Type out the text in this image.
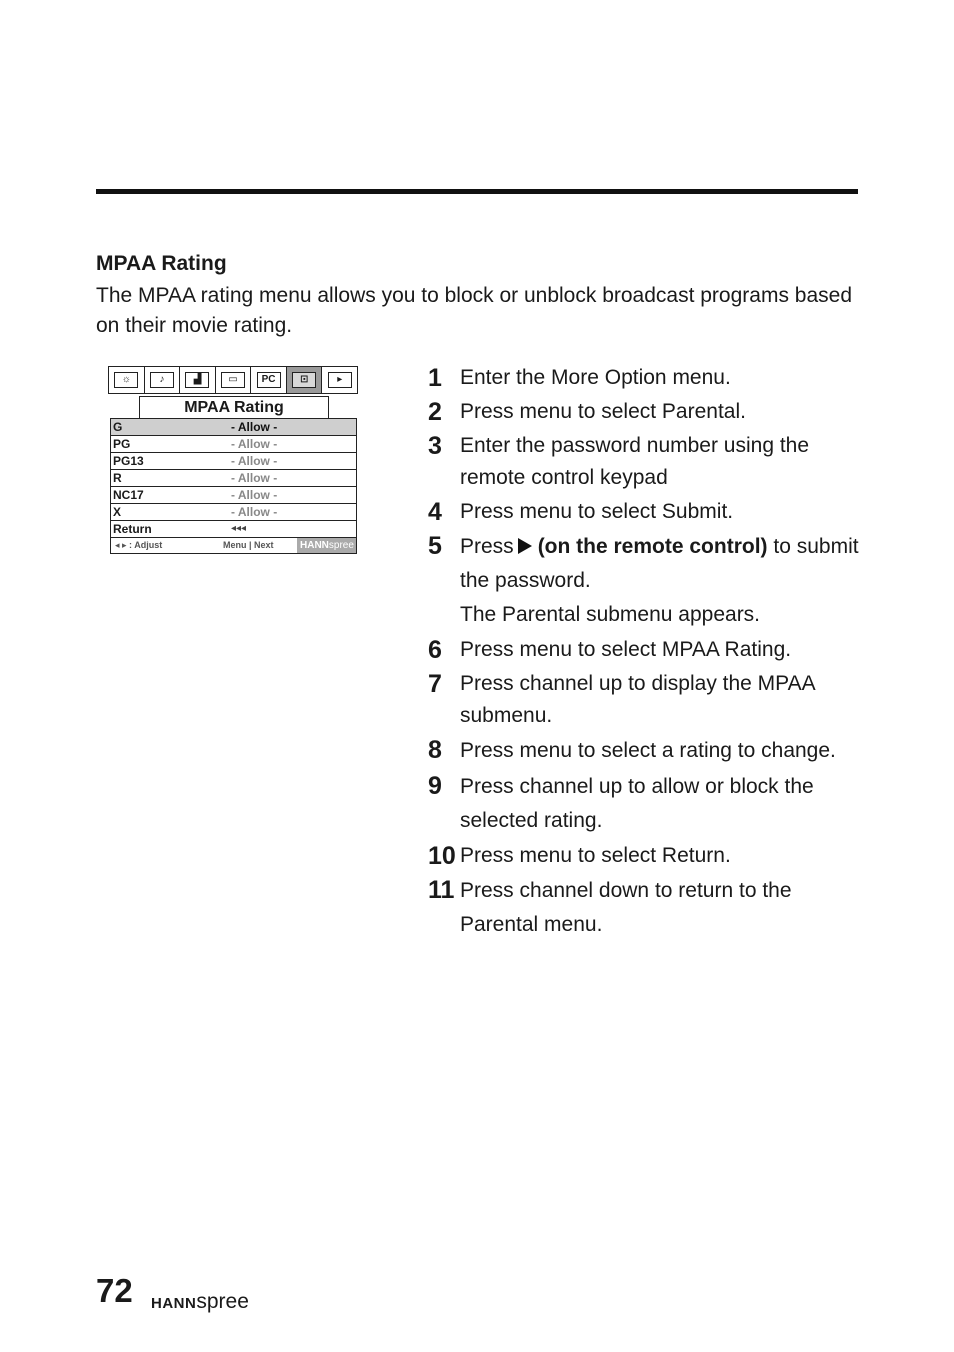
MPAA Rating
The MPAA rating menu allows you to block or unblock broadcast programs based on their movie rating.
☼	♪	▟	▭	PC	⊡	▸
MPAA Rating
G	- Allow -
PG	- Allow -
PG13	- Allow -
R	- Allow -
NC17	- Allow -
X	- Allow -
Return	◂◂◂
◂ ▸ : Adjust	Menu | Next	HANNspree
1 Enter the More Option menu.
2 Press menu to select Parental.
3 Enter the password number using the remote control keypad
4 Press menu to select Submit.
5 Press (on the remote control) to submit the password.
The Parental submenu appears.
6 Press menu to select MPAA Rating.
7 Press channel up to display the MPAA submenu.
8 Press menu to select a rating to change.
9 Press channel up to allow or block the selected rating.
10 Press menu to select Return.
11 Press channel down to return to the Parental menu.
72 HANNspree
